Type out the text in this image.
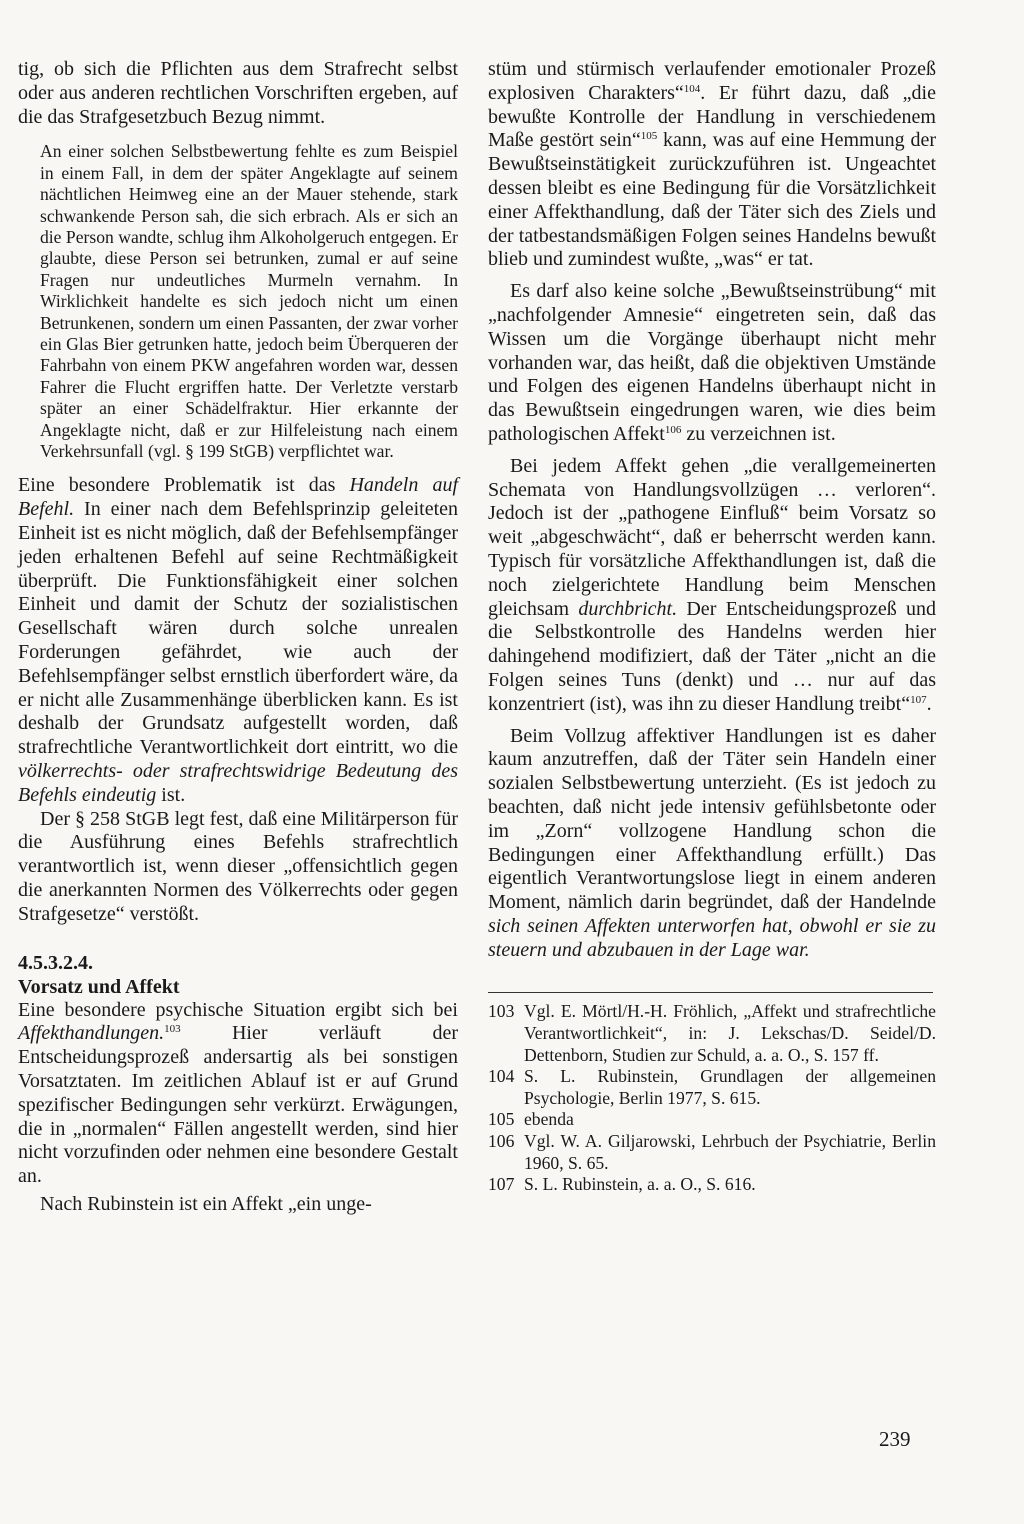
tig, ob sich die Pflichten aus dem Strafrecht selbst oder aus anderen rechtlichen Vorschriften ergeben, auf die das Strafgesetzbuch Bezug nimmt.

An einer solchen Selbstbewertung fehlte es zum Beispiel in einem Fall, in dem der später Angeklagte auf seinem nächtlichen Heimweg eine an der Mauer stehende, stark schwankende Person sah, die sich erbrach. Als er sich an die Person wandte, schlug ihm Alkoholgeruch entgegen. Er glaubte, diese Person sei betrunken, zumal er auf seine Fragen nur undeutliches Murmeln vernahm. In Wirklichkeit handelte es sich jedoch nicht um einen Betrunkenen, sondern um einen Passanten, der zwar vorher ein Glas Bier getrunken hatte, jedoch beim Überqueren der Fahrbahn von einem PKW angefahren worden war, dessen Fahrer die Flucht ergriffen hatte. Der Verletzte verstarb später an einer Schädelfraktur. Hier erkannte der Angeklagte nicht, daß er zur Hilfeleistung nach einem Verkehrsunfall (vgl. § 199 StGB) verpflichtet war.

Eine besondere Problematik ist das Handeln auf Befehl. In einer nach dem Befehlsprinzip geleiteten Einheit ist es nicht möglich, daß der Befehlsempfänger jeden erhaltenen Befehl auf seine Rechtmäßigkeit überprüft. Die Funktionsfähigkeit einer solchen Einheit und damit der Schutz der sozialistischen Gesellschaft wären durch solche unrealen Forderungen gefährdet, wie auch der Befehlsempfänger selbst ernstlich überfordert wäre, da er nicht alle Zusammenhänge überblicken kann. Es ist deshalb der Grundsatz aufgestellt worden, daß strafrechtliche Verantwortlichkeit dort eintritt, wo die völkerrechts- oder strafrechtswidrige Bedeutung des Befehls eindeutig ist.

Der § 258 StGB legt fest, daß eine Militärperson für die Ausführung eines Befehls strafrechtlich verantwortlich ist, wenn dieser „offensichtlich gegen die anerkannten Normen des Völkerrechts oder gegen Strafgesetze“ verstößt.

4.5.3.2.4.
Vorsatz und Affekt

Eine besondere psychische Situation ergibt sich bei Affekthandlungen.$^{103}$ Hier verläuft der Entscheidungsprozeß andersartig als bei sonstigen Vorsatztaten. Im zeitlichen Ablauf ist er auf Grund spezifischer Bedingungen sehr verkürzt. Erwägungen, die in „normalen“ Fällen angestellt werden, sind hier nicht vorzufinden oder nehmen eine besondere Gestalt an.

Nach Rubinstein ist ein Affekt „ein unge-

stüm und stürmisch verlaufender emotionaler Prozeß explosiven Charakters“$^{104}$. Er führt dazu, daß „die bewußte Kontrolle der Handlung in verschiedenem Maße gestört sein“$^{105}$ kann, was auf eine Hemmung der Bewußtseinstätigkeit zurückzuführen ist. Ungeachtet dessen bleibt es eine Bedingung für die Vorsätzlichkeit einer Affekthandlung, daß der Täter sich des Ziels und der tatbestandsmäßigen Folgen seines Handelns bewußt blieb und zumindest wußte, „was“ er tat.

Es darf also keine solche „Bewußtseinstrübung“ mit „nachfolgender Amnesie“ eingetreten sein, daß das Wissen um die Vorgänge überhaupt nicht mehr vorhanden war, das heißt, daß die objektiven Umstände und Folgen des eigenen Handelns überhaupt nicht in das Bewußtsein eingedrungen waren, wie dies beim pathologischen Affekt$^{106}$ zu verzeichnen ist.

Bei jedem Affekt gehen „die verallgemeinerten Schemata von Handlungsvollzügen … verloren“. Jedoch ist der „pathogene Einfluß“ beim Vorsatz so weit „abgeschwächt“, daß er beherrscht werden kann. Typisch für vorsätzliche Affekthandlungen ist, daß die noch zielgerichtete Handlung beim Menschen gleichsam durchbricht. Der Entscheidungsprozeß und die Selbstkontrolle des Handelns werden hier dahingehend modifiziert, daß der Täter „nicht an die Folgen seines Tuns (denkt) und … nur auf das konzentriert (ist), was ihn zu dieser Handlung treibt“$^{107}$.

Beim Vollzug affektiver Handlungen ist es daher kaum anzutreffen, daß der Täter sein Handeln einer sozialen Selbstbewertung unterzieht. (Es ist jedoch zu beachten, daß nicht jede intensiv gefühlsbetonte oder im „Zorn“ vollzogene Handlung schon die Bedingungen einer Affekthandlung erfüllt.) Das eigentlich Verantwortungslose liegt in einem anderen Moment, nämlich darin begründet, daß der Handelnde sich seinen Affekten unterworfen hat, obwohl er sie zu steuern und abzubauen in der Lage war.

103 Vgl. E. Mörtl/H.-H. Fröhlich, „Affekt und strafrechtliche Verantwortlichkeit“, in: J. Lekschas/D. Seidel/D. Dettenborn, Studien zur Schuld, a. a. O., S. 157 ff.
104 S. L. Rubinstein, Grundlagen der allgemeinen Psychologie, Berlin 1977, S. 615.
105 ebenda
106 Vgl. W. A. Giljarowski, Lehrbuch der Psychiatrie, Berlin 1960, S. 65.
107 S. L. Rubinstein, a. a. O., S. 616.
239
